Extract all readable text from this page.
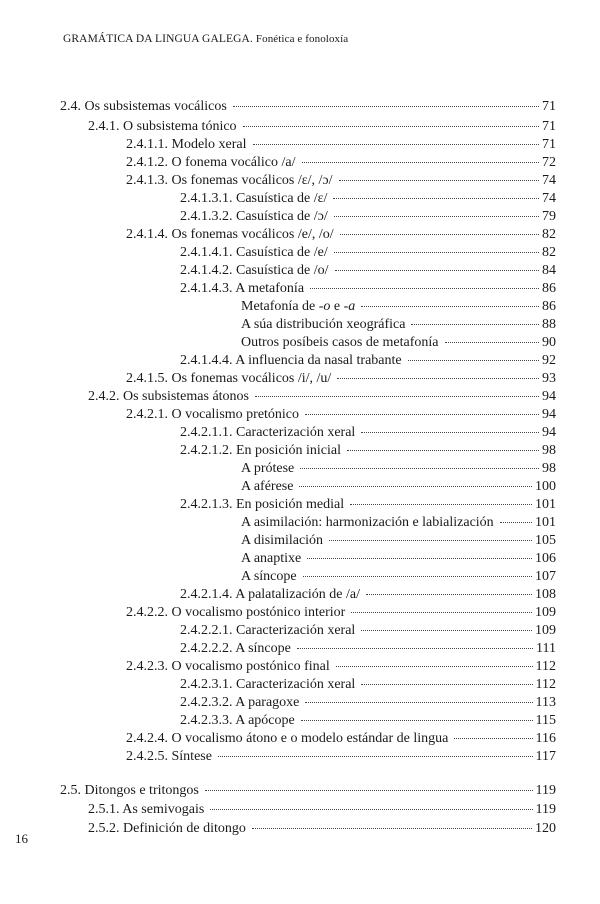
GRAMÁTICA DA LINGUA GALEGA. Fonética e fonoloxía
2.4. Os subsistemas vocálicos	71
2.4.1. O subsistema tónico	71
2.4.1.1. Modelo xeral	71
2.4.1.2. O fonema vocálico /a/	72
2.4.1.3. Os fonemas vocálicos /ɛ/, /ɔ/	74
2.4.1.3.1. Casuística de /ɛ/	74
2.4.1.3.2. Casuística de /ɔ/	79
2.4.1.4. Os fonemas vocálicos /e/, /o/	82
2.4.1.4.1. Casuística de /e/	82
2.4.1.4.2. Casuística de /o/	84
2.4.1.4.3. A metafonía	86
Metafonía de -o e -a	86
A súa distribución xeográfica	88
Outros posíbeis casos de metafonía	90
2.4.1.4.4. A influencia da nasal trabante	92
2.4.1.5. Os fonemas vocálicos /i/, /u/	93
2.4.2. Os subsistemas átonos	94
2.4.2.1. O vocalismo pretónico	94
2.4.2.1.1. Caracterización xeral	94
2.4.2.1.2. En posición inicial	98
A prótese	98
A aférese	100
2.4.2.1.3. En posición medial	101
A asimilación: harmonización e labialización	101
A disimilación	105
A anaptixe	106
A síncope	107
2.4.2.1.4. A palatalización de /a/	108
2.4.2.2. O vocalismo postónico interior	109
2.4.2.2.1. Caracterización xeral	109
2.4.2.2.2. A síncope	111
2.4.2.3. O vocalismo postónico final	112
2.4.2.3.1. Caracterización xeral	112
2.4.2.3.2. A paragoxe	113
2.4.2.3.3. A apócope	115
2.4.2.4. O vocalismo átono e o modelo estándar de lingua	116
2.4.2.5. Síntese	117
2.5. Ditongos e tritongos	119
2.5.1. As semivogais	119
2.5.2. Definición de ditongo	120
16
